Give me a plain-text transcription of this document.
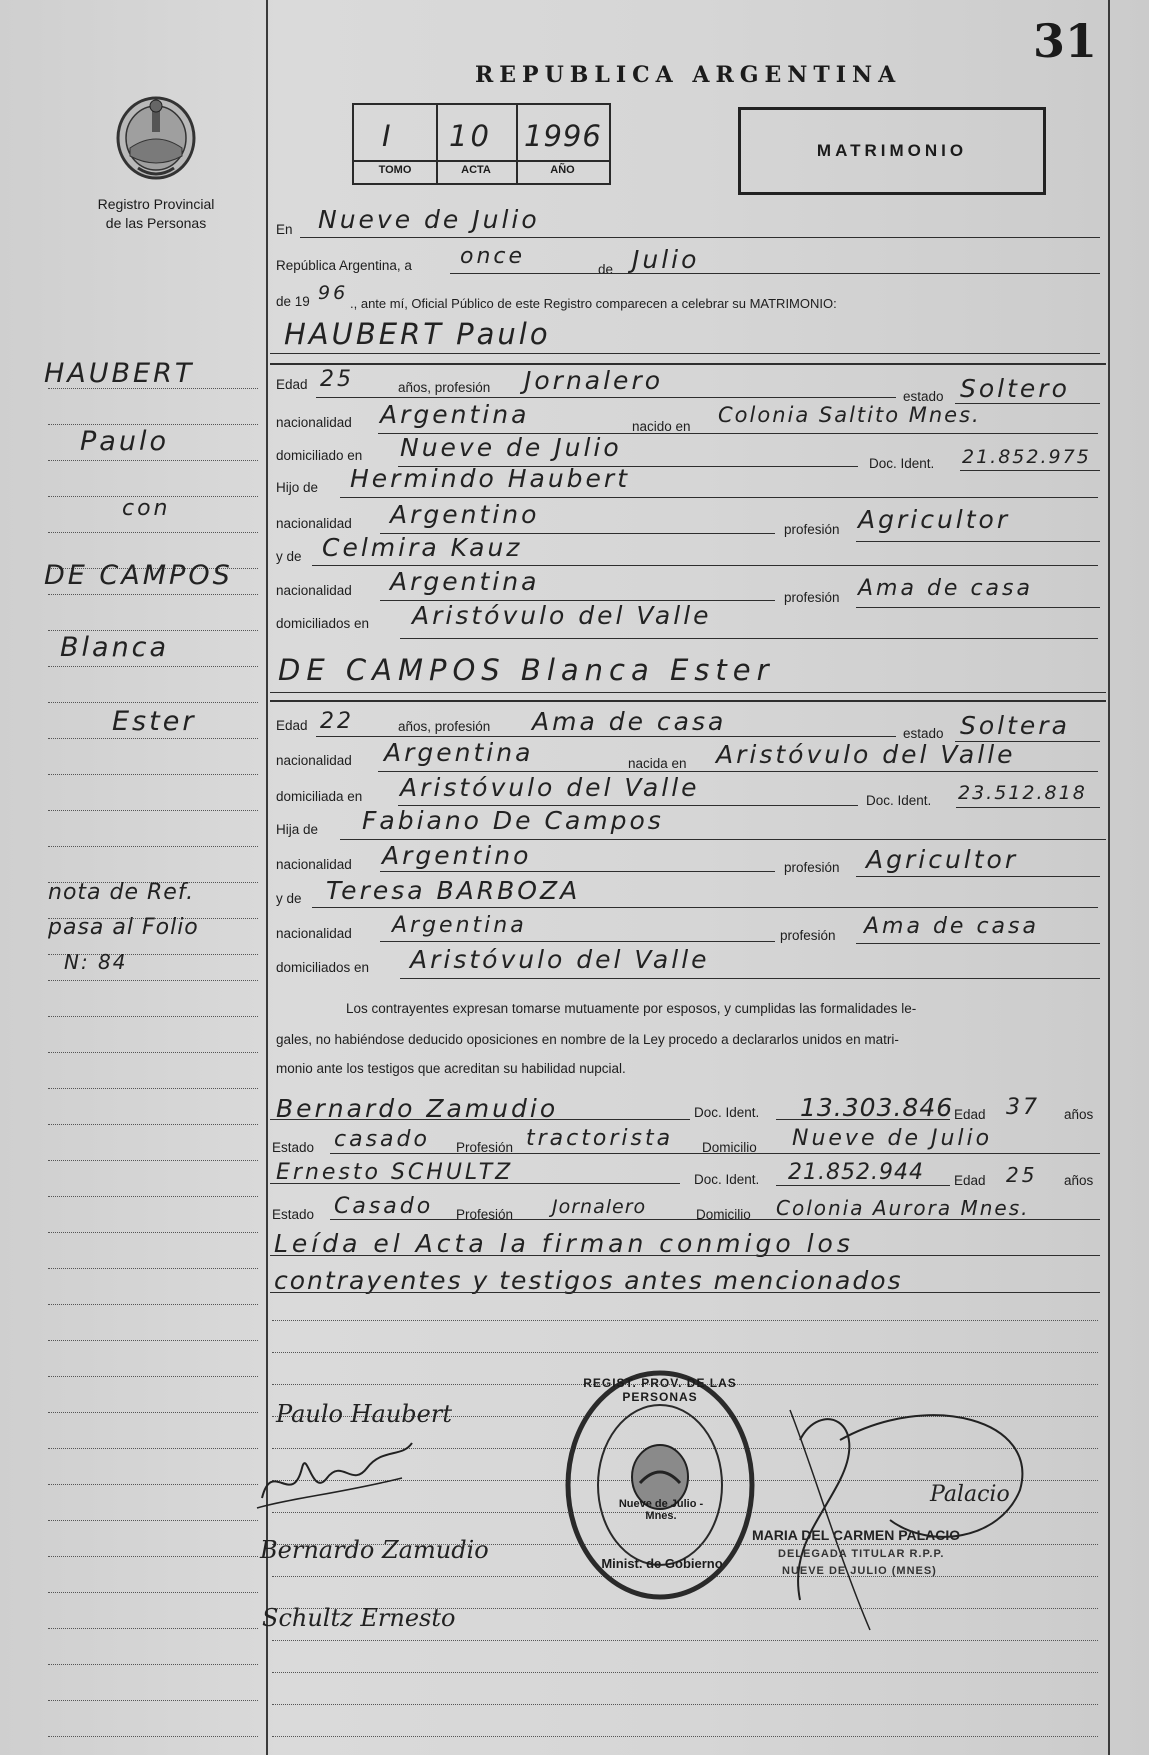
31
Registro Provincial
de las Personas
REPUBLICA ARGENTINA
I 10 1996
TOMO	ACTA	AÑO
MATRIMONIO
En Nueve de Julio
República Argentina, a once
de Julio
de 19 96 ., ante mí, Oficial Público de este Registro comparecen a celebrar su MATRIMONIO:
HAUBERT Paulo
Edad 25	años, profesión Jornalero
estado Soltero
nacionalidad Argentina	nacido en Colonia Saltito Mnes.
domiciliado en Nueve de Julio
Doc. Ident. 21.852.975
Hijo de Hermindo Haubert
nacionalidad Argentino
profesión Agricultor
y de Celmira Kauz
nacionalidad Argentina
profesión Ama de casa
domiciliados en Aristóvulo del Valle
DE CAMPOS Blanca Ester
Edad 22	años, profesión Ama de casa	estado Soltera
nacionalidad Argentina	nacida en Aristóvulo del Valle
domiciliada en Aristóvulo del Valle	Doc. Ident. 23.512.818
Hija de Fabiano De Campos
nacionalidad Argentino	profesión Agricultor
y de Teresa BARBOZA
nacionalidad Argentina	profesión Ama de casa
domiciliados en Aristóvulo del Valle
Los contrayentes expresan tomarse mutuamente por esposos, y cumplidas las formalidades le-
gales, no habiéndose deducido oposiciones en nombre de la Ley procedo a declararlos unidos en matri-
monio ante los testigos que acreditan su habilidad nupcial.
Bernardo Zamudio	Doc. Ident. 13.303.846 Edad 37 años
Estado casado Profesión tractorista Domicilio Nueve de Julio
Ernesto SCHULTZ	Doc. Ident. 21.852.944 Edad 25 años
Estado Casado Profesión Jornalero	Domicilio Colonia Aurora Mnes.
Leída el Acta la firman conmigo los
contrayentes y testigos antes mencionados
HAUBERT
Paulo
con
DE CAMPOS
Blanca
Ester
nota de Ref.
pasa al Folio
N: 84
Paulo Haubert
Bernardo Zamudio
Schultz Ernesto
REGIST. PROV. DE LAS PERSONAS
Minist. de Gobierno
Nueve de Julio - Mnes.
Palacio
MARIA DEL CARMEN PALACIO
DELEGADA TITULAR R.P.P.
NUEVE DE JULIO (MNES)
